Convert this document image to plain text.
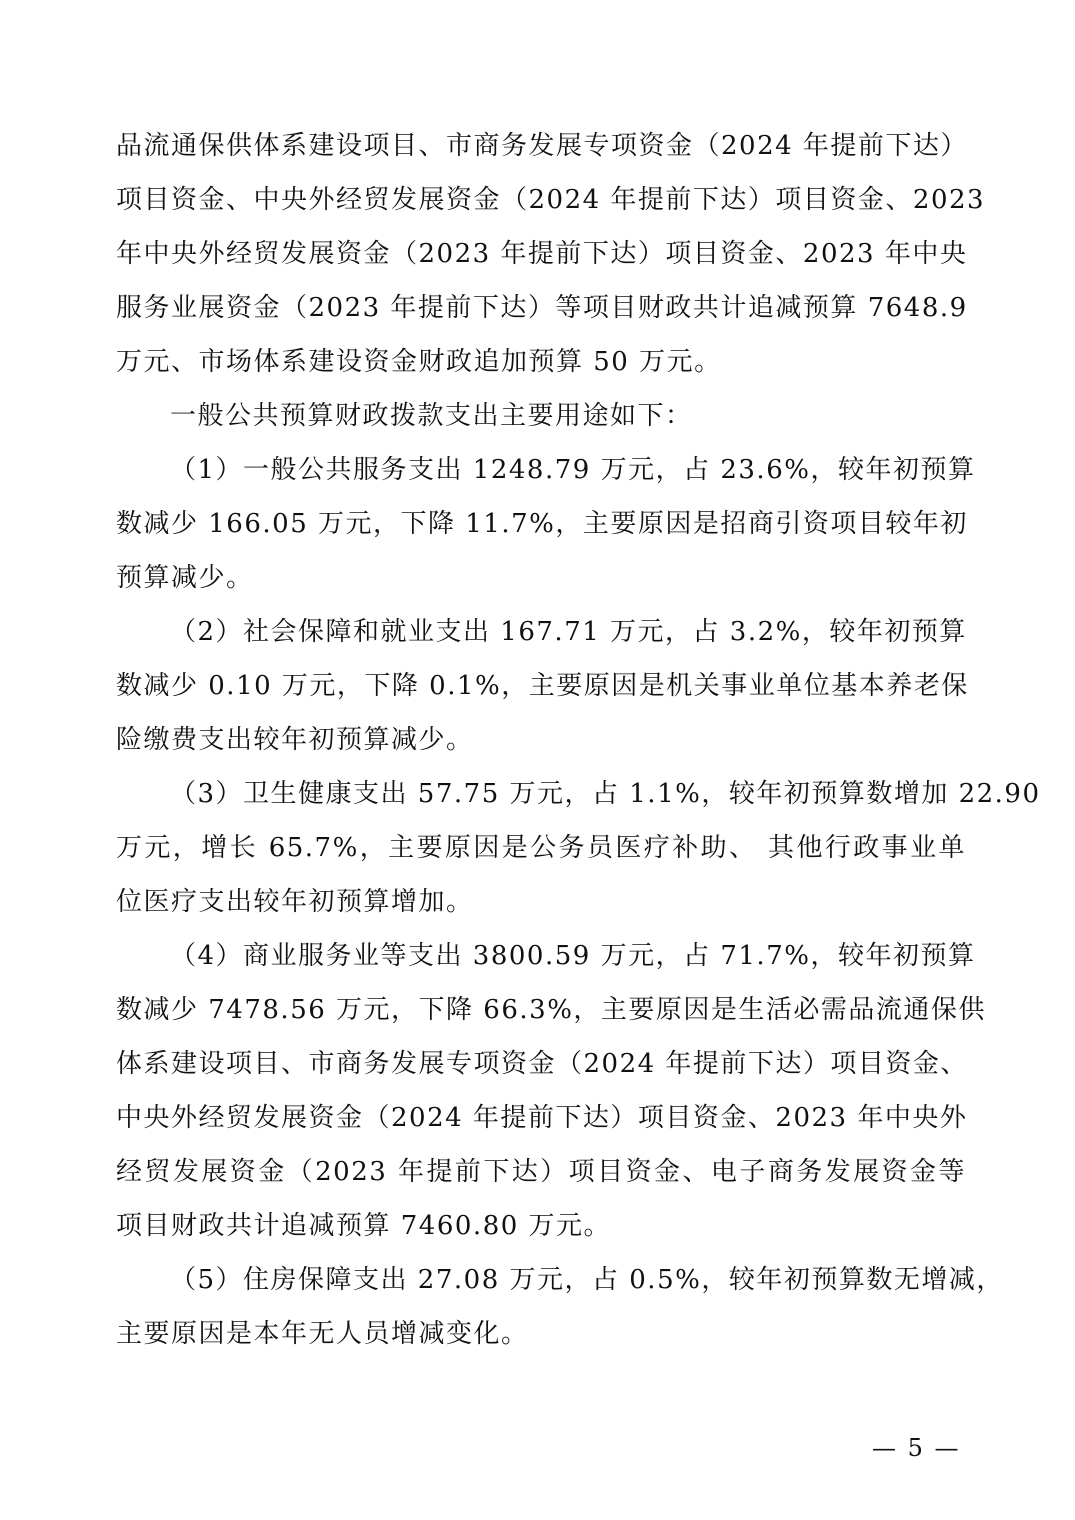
品流通保供体系建设项目、市商务发展专项资金（2024 年提前下达）
项目资金、中央外经贸发展资金（2024 年提前下达）项目资金、2023
年中央外经贸发展资金（2023 年提前下达）项目资金、2023 年中央
服务业展资金（2023 年提前下达）等项目财政共计追减预算 7648.9
万元、市场体系建设资金财政追加预算 50 万元。
一般公共预算财政拨款支出主要用途如下：
（1）一般公共服务支出 1248.79 万元，占 23.6%，较年初预算
数减少 166.05 万元，下降 11.7%，主要原因是招商引资项目较年初
预算减少。
（2）社会保障和就业支出 167.71 万元，占 3.2%，较年初预算
数减少 0.10 万元，下降 0.1%，主要原因是机关事业单位基本养老保
险缴费支出较年初预算减少。
（3）卫生健康支出 57.75 万元，占 1.1%，较年初预算数增加 22.90
万元，增长 65.7%，主要原因是公务员医疗补助、 其他行政事业单
位医疗支出较年初预算增加。
（4）商业服务业等支出 3800.59 万元，占 71.7%，较年初预算
数减少 7478.56 万元，下降 66.3%，主要原因是生活必需品流通保供
体系建设项目、市商务发展专项资金（2024 年提前下达）项目资金、
中央外经贸发展资金（2024 年提前下达）项目资金、2023 年中央外
经贸发展资金（2023 年提前下达）项目资金、电子商务发展资金等
项目财政共计追减预算 7460.80 万元。
（5）住房保障支出 27.08 万元，占 0.5%，较年初预算数无增减，
主要原因是本年无人员增减变化。
— 5 —
